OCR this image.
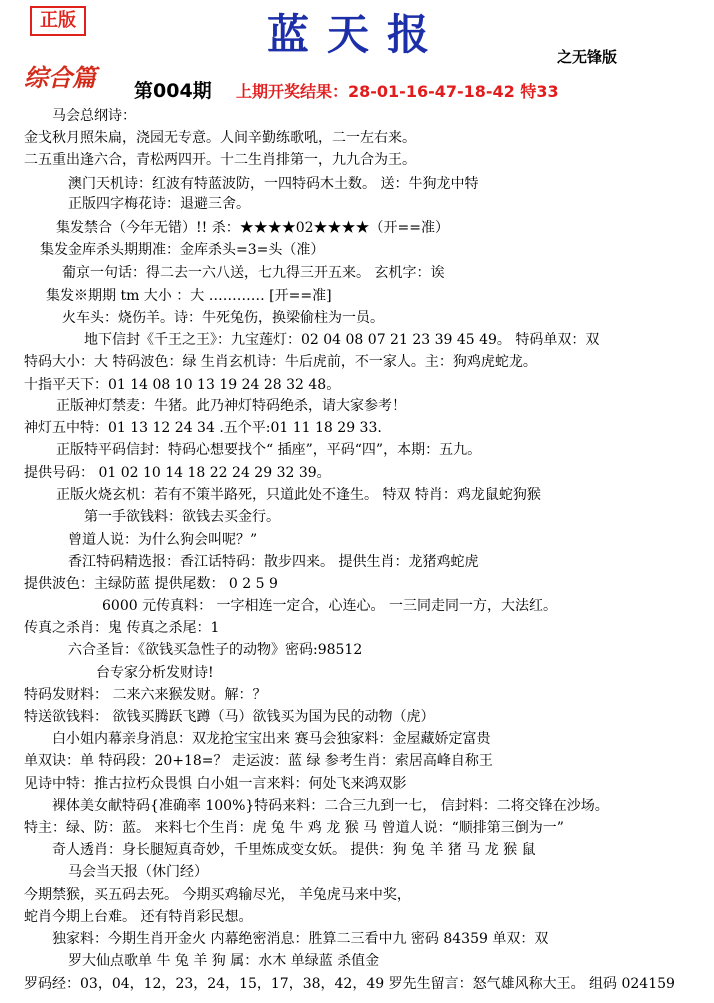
正版	蓝天报	之无锋版
综合篇 第004期 上期开奖结果：28-01-16-47-18-42 特33
马会总纲诗：
金戈秋月照朱扁，浇园无专意。人间辛勤练歌吼，二一左右来。
二五重出逢六合，青松两四开。十二生肖排第一，九九合为王。
澳门天机诗：红波有特蓝波防，一四特码木土数。 送：牛狗龙中特
正版四字梅花诗：退避三舍。
集发禁合（今年无错）!! 杀：★★★★02★★★★（开==准）
集发金库杀头期期准：金库杀头=3=头（准）
葡京一句话：得二去一六八送，七九得三开五来。 玄机字：诶
集发※期期 tm 大小 ：大 ………… [开==准]
火车头：烧伤羊。诗：牛死兔伤，换梁偷柱为一员。
地下信封《千王之王》：九宝莲灯：02 04 08 07 21 23 39 45 49。 特码单双：双
特码大小：大 特码波色：绿 生肖玄机诗：牛后虎前，不一家人。主：狗鸡虎蛇龙。
十指平天下：01 14 08 10 13 19 24 28 32 48。
正版神灯禁麦：牛猪。此乃神灯特码绝杀，请大家参考！
神灯五中特：01 13 12 24 34 .五个平:01 11 18 29 33.
正版特平码信封：特码心想要找个“ 插座”，平码“四”，本期：五九。
提供号码： 01 02 10 14 18 22 24 29 32 39。
正版火烧玄机：若有不策半路死，只道此处不逢生。 特双 特肖：鸡龙鼠蛇狗猴
第一手欲钱料：欲钱去买金行。
曾道人说：为什么狗会叫呢？”
香江特码精选报：香江话特码：散步四来。 提供生肖：龙猪鸡蛇虎
提供波色：主绿防蓝 提供尾数： 0 2 5 9
6000 元传真料： 一字相连一定合，心连心。 一三同走同一方，大法红。
传真之杀肖：鬼 传真之杀尾：1
六合圣旨：《欲钱买急性子的动物》密码:98512
台专家分析发财诗!
特码发财料： 二来六来猴发财。解：？
特送欲钱料： 欲钱买腾跃飞蹲（马）欲钱买为国为民的动物（虎）
白小姐内幕亲身消息：双龙抢宝宝出来 赛马会独家料：金屋藏娇定富贵
单双诀：单 特码段：20+18=？ 走运波：蓝 绿 参考生肖：索居高峰自称王
见诗中特：推古拉朽众畏惧 白小姐一言来料：何处飞来鸿双影
裸体美女献特码{准确率 100%}特码来料：二合三九到一七， 信封料：二将交锋在沙场。
特主：绿、防：蓝。 来料七个生肖：虎 兔 牛 鸡 龙 猴 马 曾道人说：“顺排第三倒为一”
奇人透肖：身长腿短真奇妙，千里炼成变女妖。 提供：狗 兔 羊 猪 马 龙 猴 鼠
马会当天报（休门经）
今期禁猴，买五码去死。 今期买鸡输尽光， 羊兔虎马来中奖，
蛇肖今期上台难。 还有特肖彩民想。
独家料：今期生肖开金火 内幕绝密消息：胜算二三看中九 密码 84359 单双：双
罗大仙点歌单 牛 兔 羊 狗 属：水木 单绿蓝 杀值金
罗码经：03，04，12，23，24，15，17，38，42，49 罗先生留言：怒气雄风称大王。 组码 024159
